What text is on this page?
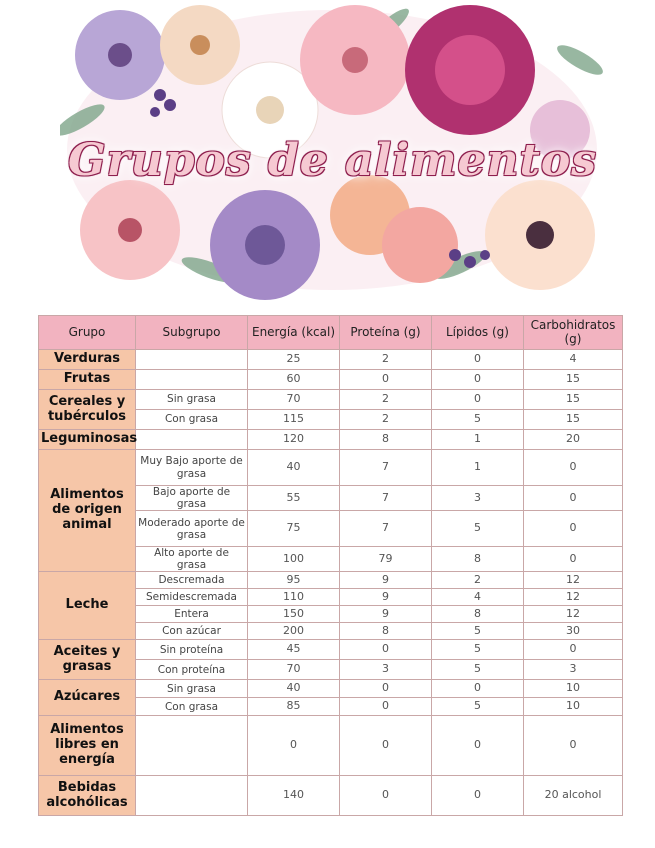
Grupos de alimentos
Grupo	Subgrupo	Energía (kcal)	Proteína (g)	Lípidos (g)	Carbohidratos (g)
Verduras		25	2	0	4
Frutas		60	0	0	15
Cereales y tubérculos	Sin grasa	70	2	0	15
	Con grasa	115	2	5	15
Leguminosas		120	8	1	20
Alimentos de origen animal	Muy Bajo aporte de grasa	40	7	1	0
	Bajo aporte de grasa	55	7	3	0
	Moderado aporte de grasa	75	7	5	0
	Alto aporte de grasa	100	79	8	0
Leche	Descremada	95	9	2	12
	Semidescremada	110	9	4	12
	Entera	150	9	8	12
	Con azúcar	200	8	5	30
Aceites y grasas	Sin proteína	45	0	5	0
	Con proteína	70	3	5	3
Azúcares	Sin grasa	40	0	0	10
	Con grasa	85	0	5	10
Alimentos libres en energía		0	0	0	0
Bebidas alcohólicas		140	0	0	20 alcohol
